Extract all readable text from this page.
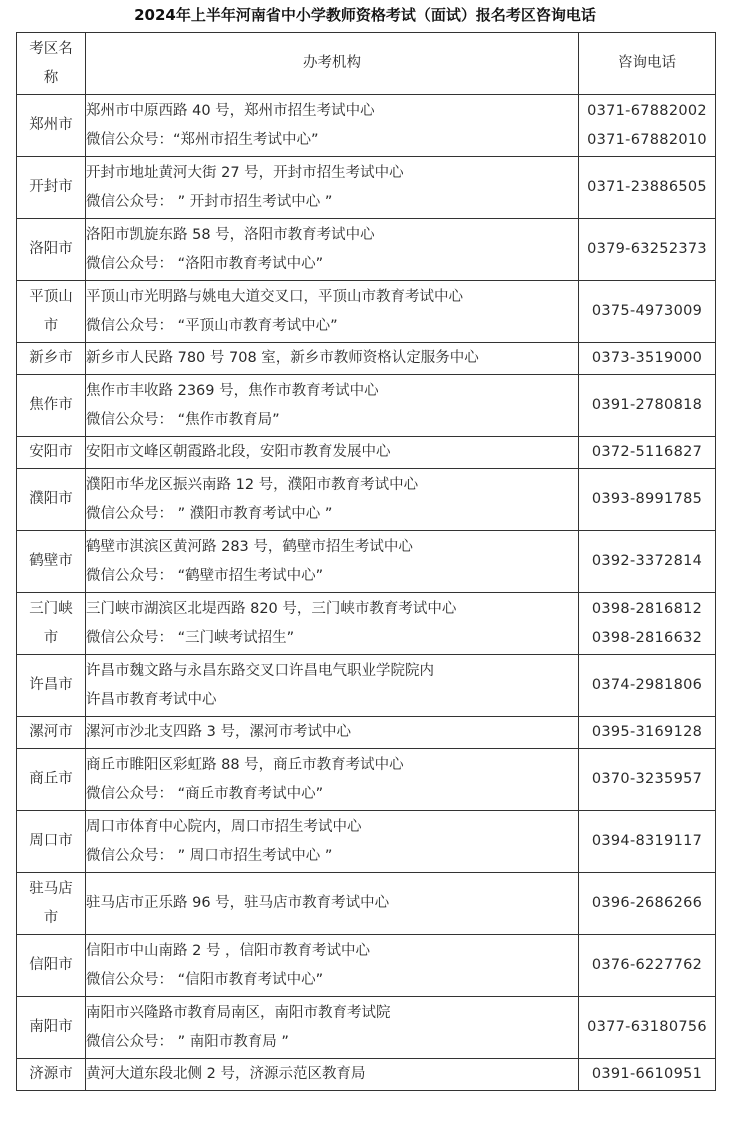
2024年上半年河南省中小学教师资格考试（面试）报名考区咨询电话
考区名称	办考机构	咨询电话
郑州市	郑州市中原西路 40 号，郑州市招生考试中心
微信公众号：“郑州市招生考试中心”	0371-67882002
0371-67882010

开封市	开封市地址黄河大街 27 号，开封市招生考试中心
微信公众号： ” 开封市招生考试中心 ”	0371-23886505

洛阳市	洛阳市凯旋东路 58 号，洛阳市教育考试中心
微信公众号： “洛阳市教育考试中心”	0379-63252373

平顶山市	平顶山市光明路与姚电大道交叉口，平顶山市教育考试中心
微信公众号： “平顶山市教育考试中心”	0375-4973009

新乡市	新乡市人民路 780 号 708 室，新乡市教师资格认定服务中心	0373-3519000

焦作市	焦作市丰收路 2369 号，焦作市教育考试中心
微信公众号： “焦作市教育局”	0391-2780818

安阳市	安阳市文峰区朝霞路北段，安阳市教育发展中心	0372-5116827

濮阳市	濮阳市华龙区振兴南路 12 号，濮阳市教育考试中心
微信公众号： ” 濮阳市教育考试中心 ”	0393-8991785

鹤壁市	鹤壁市淇滨区黄河路 283 号，鹤壁市招生考试中心
微信公众号： “鹤壁市招生考试中心”	0392-3372814

三门峡市	三门峡市湖滨区北堤西路 820 号，三门峡市教育考试中心
微信公众号： “三门峡考试招生”	0398-2816812
0398-2816632

许昌市	许昌市魏文路与永昌东路交叉口许昌电气职业学院院内
许昌市教育考试中心	0374-2981806

漯河市	漯河市沙北支四路 3 号，漯河市考试中心	0395-3169128

商丘市	商丘市睢阳区彩虹路 88 号，商丘市教育考试中心
微信公众号： “商丘市教育考试中心”	0370-3235957

周口市	周口市体育中心院内，周口市招生考试中心
微信公众号： ” 周口市招生考试中心 ”	0394-8319117

驻马店市	驻马店市正乐路 96 号，驻马店市教育考试中心	0396-2686266

信阳市	信阳市中山南路 2 号 ，信阳市教育考试中心
微信公众号： “信阳市教育考试中心”	0376-6227762

南阳市	南阳市兴隆路市教育局南区，南阳市教育考试院
微信公众号： ” 南阳市教育局 ”	0377-63180756

济源市	黄河大道东段北侧 2 号，济源示范区教育局	0391-6610951
